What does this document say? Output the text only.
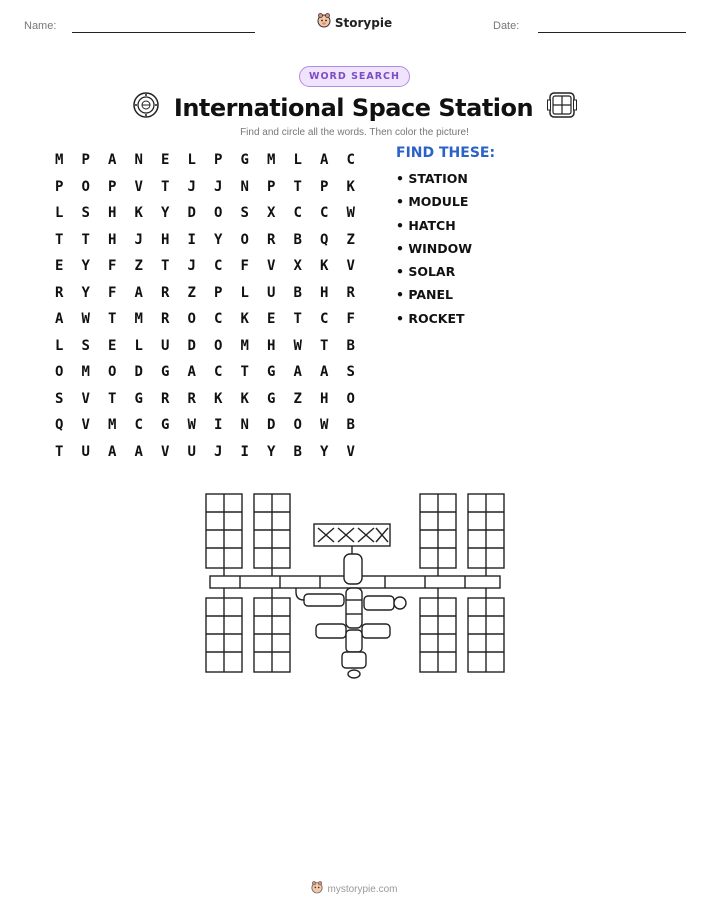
Name:	Storypie	Date:
WORD SEARCH
International Space Station
Find and circle all the words. Then color the picture!
M	P	A	N	E	L	P	G	M	L	A	C
P	O	P	V	T	J	J	N	P	T	P	K
L	S	H	K	Y	D	O	S	X	C	C	W
T	T	H	J	H	I	Y	O	R	B	Q	Z
E	Y	F	Z	T	J	C	F	V	X	K	V
R	Y	F	A	R	Z	P	L	U	B	H	R
A	W	T	M	R	O	C	K	E	T	C	F
L	S	E	L	U	D	O	M	H	W	T	B
O	M	O	D	G	A	C	T	G	A	A	S
S	V	T	G	R	R	K	K	G	Z	H	O
Q	V	M	C	G	W	I	N	D	O	W	B
T	U	A	A	V	U	J	I	Y	B	Y	V
FIND THESE:
• STATION
• MODULE
• HATCH
• WINDOW
• SOLAR
• PANEL
• ROCKET
mystorypie.com
